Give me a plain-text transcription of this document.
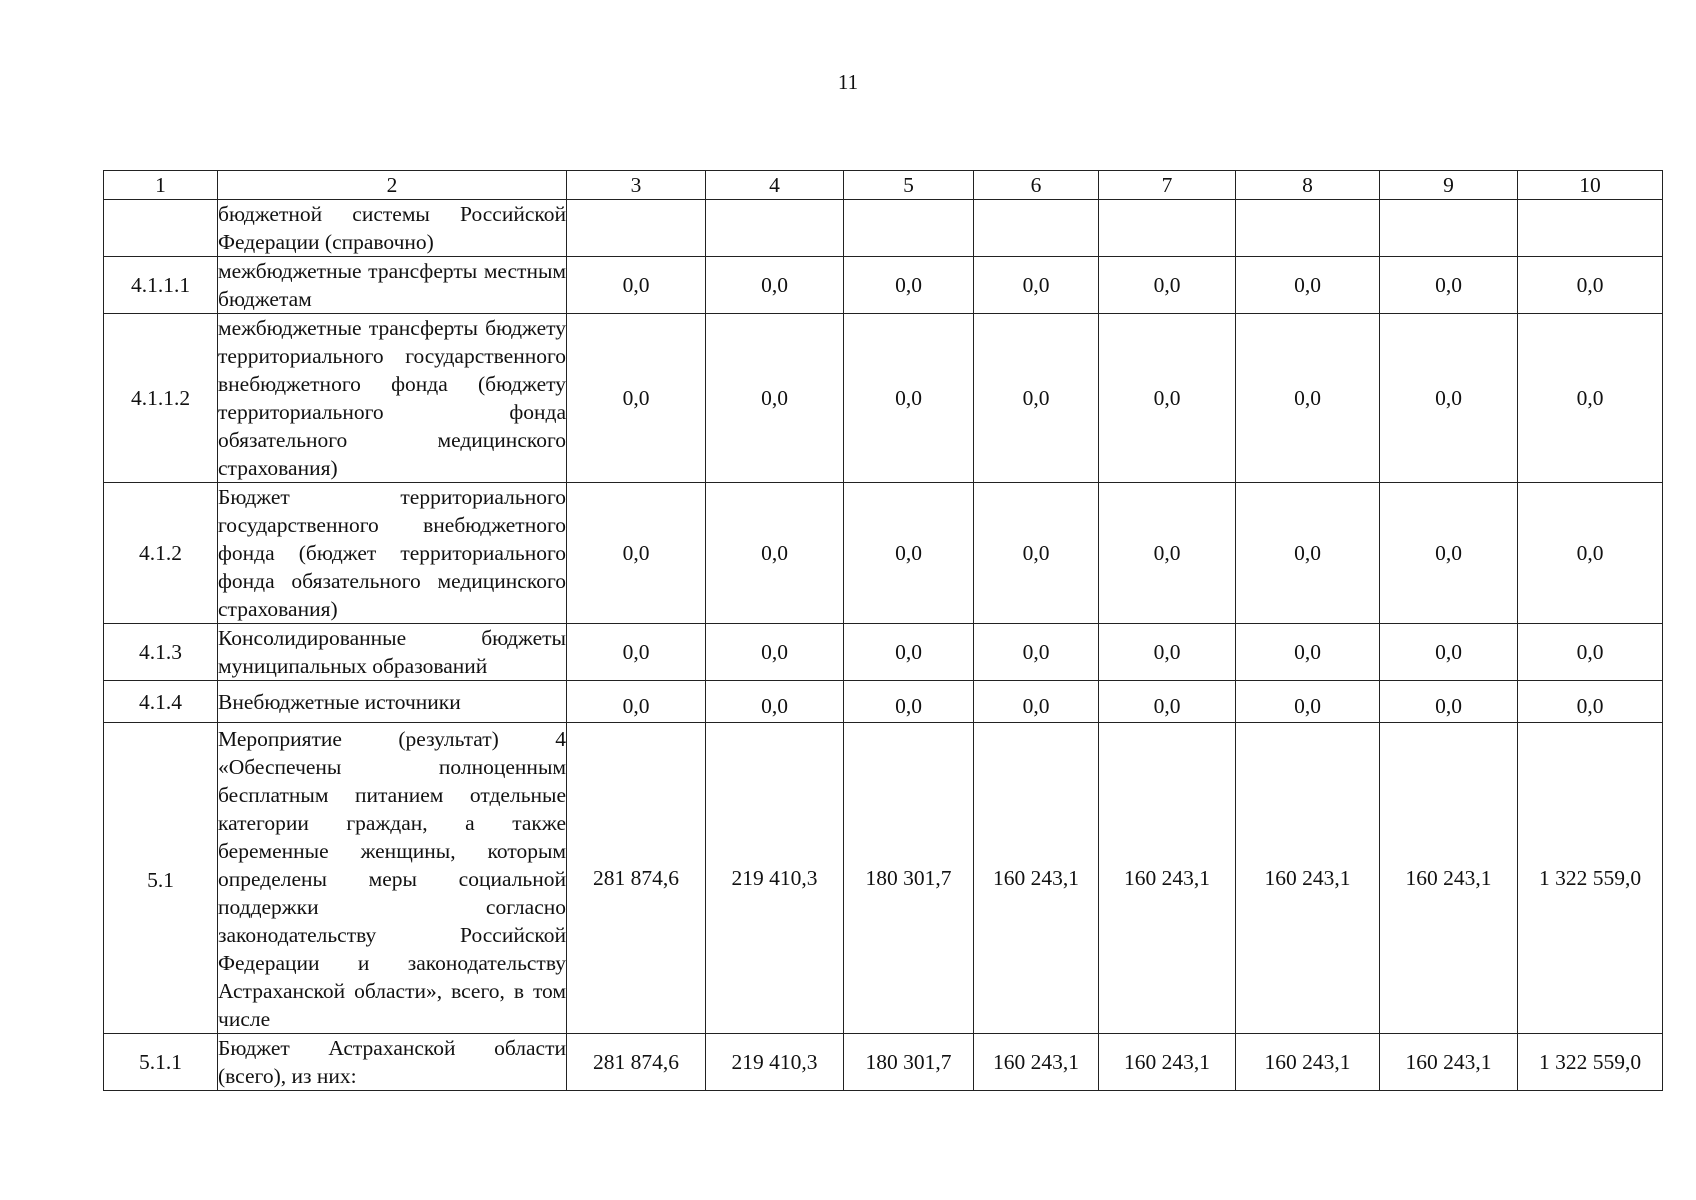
11
1	2	3	4	5	6	7	8	9	10
	бюджетной системы Российской Федерации (справочно)								
4.1.1.1	межбюджетные трансферты местным бюджетам	0,0	0,0	0,0	0,0	0,0	0,0	0,0	0,0
4.1.1.2	межбюджетные трансферты бюджету территориального государственного внебюджетного фонда (бюджету территориального фонда обязательного медицинского страхования)	0,0	0,0	0,0	0,0	0,0	0,0	0,0	0,0
4.1.2	Бюджет территориального государственного внебюджетного фонда (бюджет территориального фонда обязательного медицинского страхования)	0,0	0,0	0,0	0,0	0,0	0,0	0,0	0,0
4.1.3	Консолидированные бюджеты муниципальных образований	0,0	0,0	0,0	0,0	0,0	0,0	0,0	0,0
4.1.4	Внебюджетные источники	0,0	0,0	0,0	0,0	0,0	0,0	0,0	0,0
5.1	Мероприятие (результат) 4 «Обеспечены полноценным бесплатным питанием отдельные категории граждан, а также беременные женщины, которым определены меры социальной поддержки согласно законодательству Российской Федерации и законодательству Астраханской области», всего, в том числе	281 874,6	219 410,3	180 301,7	160 243,1	160 243,1	160 243,1	160 243,1	1 322 559,0
5.1.1	Бюджет Астраханской области (всего), из них:	281 874,6	219 410,3	180 301,7	160 243,1	160 243,1	160 243,1	160 243,1	1 322 559,0
